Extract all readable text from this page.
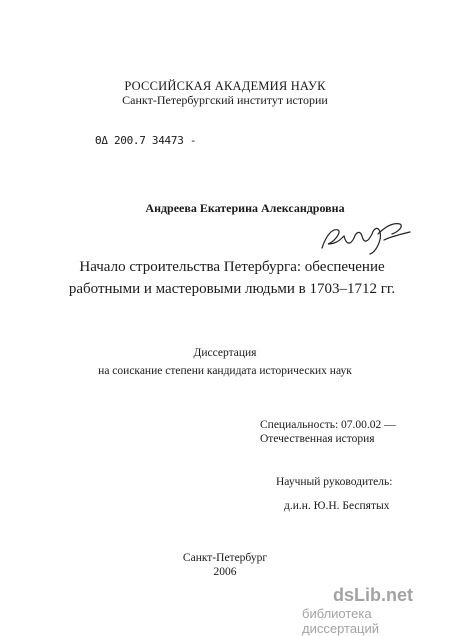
РОССИЙСКАЯ АКАДЕМИЯ НАУК
Санкт-Петербургский институт истории
ΘΔ 200.7 34473 -
Андреева Екатерина Александровна
Начало строительства Петербурга: обеспечение
работными и мастеровыми людьми в 1703–1712 гг.
Диссертация
на соискание степени кандидата исторических наук
Специальность: 07.00.02 —
Отечественная история
Научный руководитель:
д.и.н. Ю.Н. Беспятых
Санкт-Петербург
2006
dsLib.net
библиотека диссертаций
